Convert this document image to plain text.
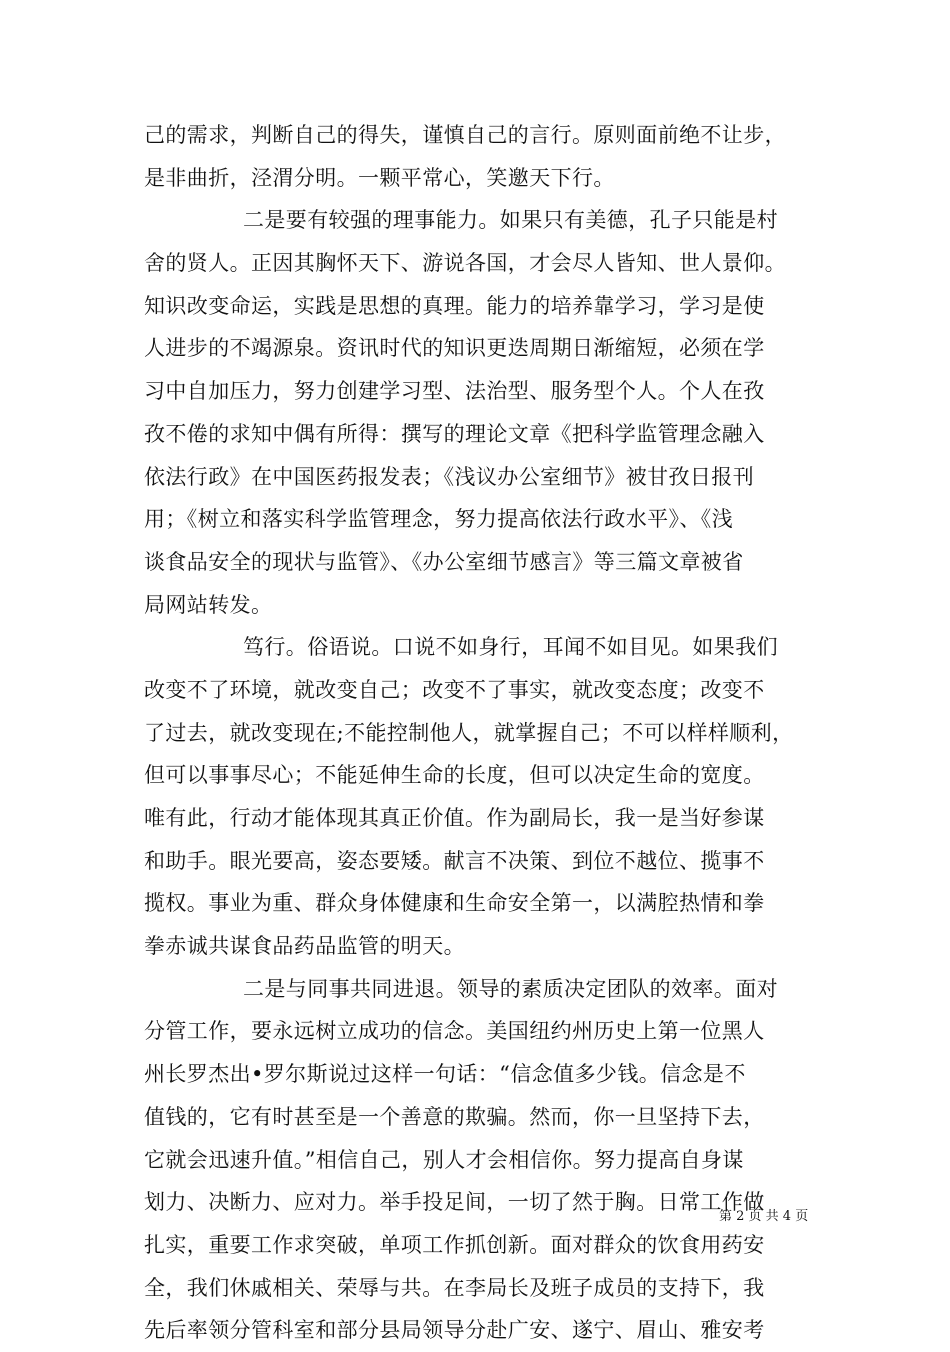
己的需求，判断自己的得失，谨慎自己的言行。原则面前绝不让步，
是非曲折，泾渭分明。一颗平常心，笑邀天下行。
二是要有较强的理事能力。如果只有美德，孔子只能是村
舍的贤人。正因其胸怀天下、游说各国，才会尽人皆知、世人景仰。
知识改变命运，实践是思想的真理。能力的培养靠学习，学习是使
人进步的不竭源泉。资讯时代的知识更迭周期日渐缩短，必须在学
习中自加压力，努力创建学习型、法治型、服务型个人。个人在孜
孜不倦的求知中偶有所得：撰写的理论文章《把科学监管理念融入
依法行政》在中国医药报发表；《浅议办公室细节》被甘孜日报刊
用；《树立和落实科学监管理念，努力提高依法行政水平》、《浅
谈食品安全的现状与监管》、《办公室细节感言》等三篇文章被省
局网站转发。
笃行。俗语说。口说不如身行，耳闻不如目见。如果我们
改变不了环境，就改变自己；改变不了事实，就改变态度；改变不
了过去，就改变现在;不能控制他人，就掌握自己；不可以样样顺利，
但可以事事尽心；不能延伸生命的长度，但可以决定生命的宽度。
唯有此，行动才能体现其真正价值。作为副局长，我一是当好参谋
和助手。眼光要高，姿态要矮。献言不决策、到位不越位、揽事不
揽权。事业为重、群众身体健康和生命安全第一，以满腔热情和拳
拳赤诚共谋食品药品监管的明天。
二是与同事共同进退。领导的素质决定团队的效率。面对
分管工作，要永远树立成功的信念。美国纽约州历史上第一位黑人
州长罗杰出•罗尔斯说过这样一句话：“信念值多少钱。信念是不
值钱的，它有时甚至是一个善意的欺骗。然而，你一旦坚持下去，
它就会迅速升值。”相信自己，别人才会相信你。努力提高自身谋
划力、决断力、应对力。举手投足间，一切了然于胸。日常工作做
扎实，重要工作求突破，单项工作抓创新。面对群众的饮食用药安
全，我们休戚相关、荣辱与共。在李局长及班子成员的支持下，我
先后率领分管科室和部分县局领导分赴广安、遂宁、眉山、雅安考
第 2 页 共 4 页
